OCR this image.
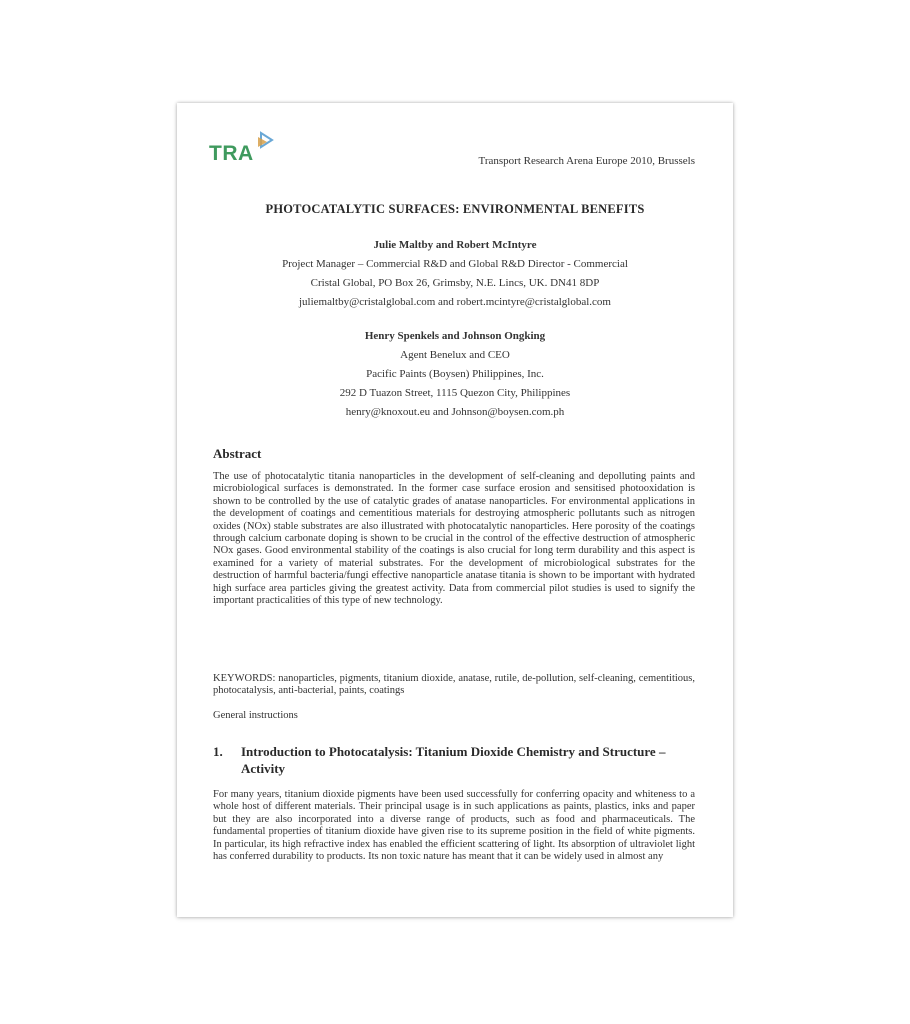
TRA	Transport Research Arena Europe 2010, Brussels
PHOTOCATALYTIC SURFACES: ENVIRONMENTAL BENEFITS
Julie Maltby and Robert McIntyre
Project Manager – Commercial R&D and Global R&D Director - Commercial
Cristal Global, PO Box 26, Grimsby, N.E. Lincs, UK. DN41 8DP
juliemaltby@cristalglobal.com and robert.mcintyre@cristalglobal.com
Henry Spenkels and Johnson Ongking
Agent Benelux and CEO
Pacific Paints (Boysen) Philippines, Inc.
292 D Tuazon Street, 1115 Quezon City, Philippines
henry@knoxout.eu and Johnson@boysen.com.ph
Abstract
The use of photocatalytic titania nanoparticles in the development of self-cleaning and depolluting paints and microbiological surfaces is demonstrated. In the former case surface erosion and sensitised photooxidation is shown to be controlled by the use of catalytic grades of anatase nanoparticles. For environmental applications in the development of coatings and cementitious materials for destroying atmospheric pollutants such as nitrogen oxides (NOx) stable substrates are also illustrated with photocatalytic nanoparticles. Here porosity of the coatings through calcium carbonate doping is shown to be crucial in the control of the effective destruction of atmospheric NOx gases. Good environmental stability of the coatings is also crucial for long term durability and this aspect is examined for a variety of material substrates. For the development of microbiological substrates for the destruction of harmful bacteria/fungi effective nanoparticle anatase titania is shown to be important with hydrated high surface area particles giving the greatest activity. Data from commercial pilot studies is used to signify the important practicalities of this type of new technology.
KEYWORDS: nanoparticles, pigments, titanium dioxide, anatase, rutile, de-pollution, self-cleaning, cementitious, photocatalysis, anti-bacterial, paints, coatings
General instructions
1. Introduction to Photocatalysis: Titanium Dioxide Chemistry and Structure – Activity
For many years, titanium dioxide pigments have been used successfully for conferring opacity and whiteness to a whole host of different materials. Their principal usage is in such applications as paints, plastics, inks and paper but they are also incorporated into a diverse range of products, such as food and pharmaceuticals. The fundamental properties of titanium dioxide have given rise to its supreme position in the field of white pigments. In particular, its high refractive index has enabled the efficient scattering of light. Its absorption of ultraviolet light has conferred durability to products. Its non toxic nature has meant that it can be widely used in almost any
